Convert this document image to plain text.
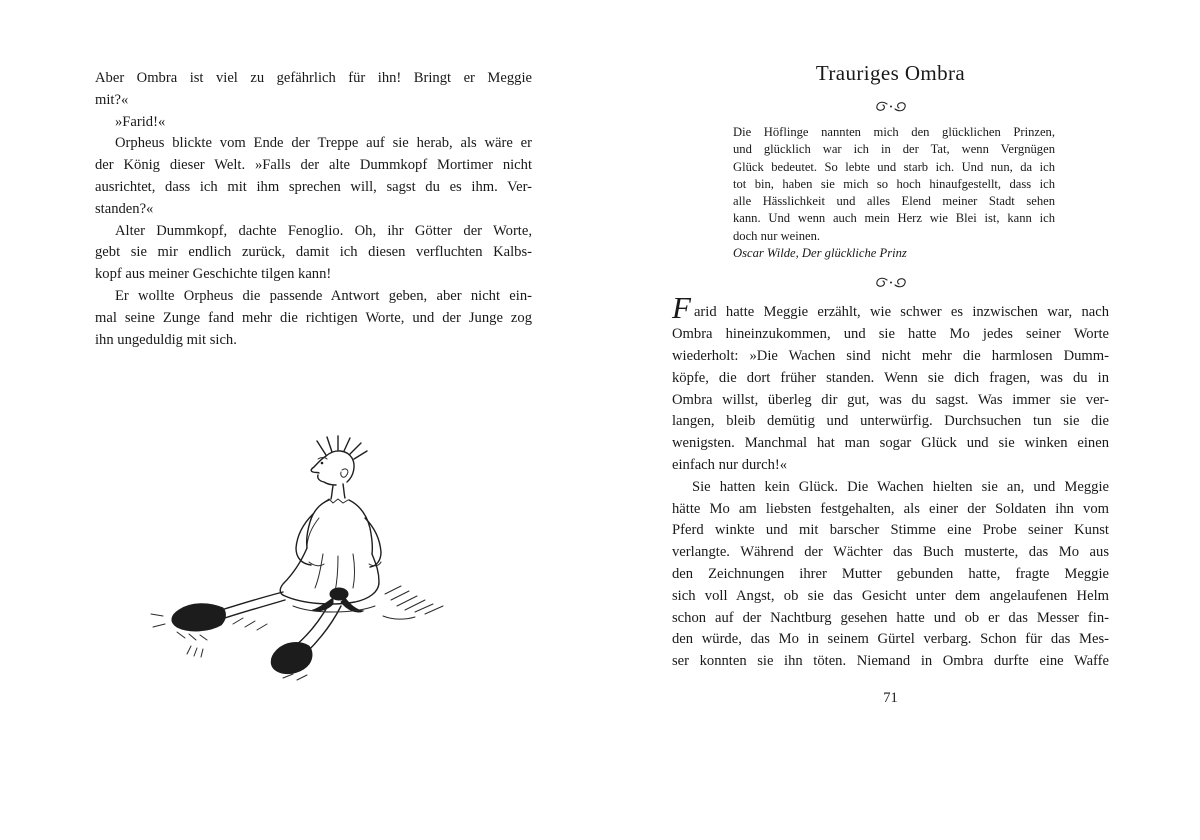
Aber Ombra ist viel zu gefährlich für ihn! Bringt er Meggie
mit?«
»Farid!«
Orpheus blickte vom Ende der Treppe auf sie herab, als wäre er
der König dieser Welt. »Falls der alte Dummkopf Mortimer nicht
ausrichtet, dass ich mit ihm sprechen will, sagst du es ihm. Ver-
standen?«
Alter Dummkopf, dachte Fenoglio. Oh, ihr Götter der Worte,
gebt sie mir endlich zurück, damit ich diesen verfluchten Kalbs-
kopf aus meiner Geschichte tilgen kann!
Er wollte Orpheus die passende Antwort geben, aber nicht ein-
mal seine Zunge fand mehr die richtigen Worte, und der Junge zog
ihn ungeduldig mit sich.
Trauriges Ombra
Die Höflinge nannten mich den glücklichen Prinzen,
und glücklich war ich in der Tat, wenn Vergnügen
Glück bedeutet. So lebte und starb ich. Und nun, da ich
tot bin, haben sie mich so hoch hinaufgestellt, dass ich
alle Hässlichkeit und alles Elend meiner Stadt sehen
kann. Und wenn auch mein Herz wie Blei ist, kann ich
doch nur weinen.
Oscar Wilde, Der glückliche Prinz
Farid hatte Meggie erzählt, wie schwer es inzwischen war, nach
Ombra hineinzukommen, und sie hatte Mo jedes seiner Worte
wiederholt: »Die Wachen sind nicht mehr die harmlosen Dumm-
köpfe, die dort früher standen. Wenn sie dich fragen, was du in
Ombra willst, überleg dir gut, was du sagst. Was immer sie ver-
langen, bleib demütig und unterwürfig. Durchsuchen tun sie die
wenigsten. Manchmal hat man sogar Glück und sie winken einen
einfach nur durch!«
Sie hatten kein Glück. Die Wachen hielten sie an, und Meggie
hätte Mo am liebsten festgehalten, als einer der Soldaten ihn vom
Pferd winkte und mit barscher Stimme eine Probe seiner Kunst
verlangte. Während der Wächter das Buch musterte, das Mo aus
den Zeichnungen ihrer Mutter gebunden hatte, fragte Meggie
sich voll Angst, ob sie das Gesicht unter dem angelaufenen Helm
schon auf der Nachtburg gesehen hatte und ob er das Messer fin-
den würde, das Mo in seinem Gürtel verbarg. Schon für das Mes-
ser konnten sie ihn töten. Niemand in Ombra durfte eine Waffe
71
